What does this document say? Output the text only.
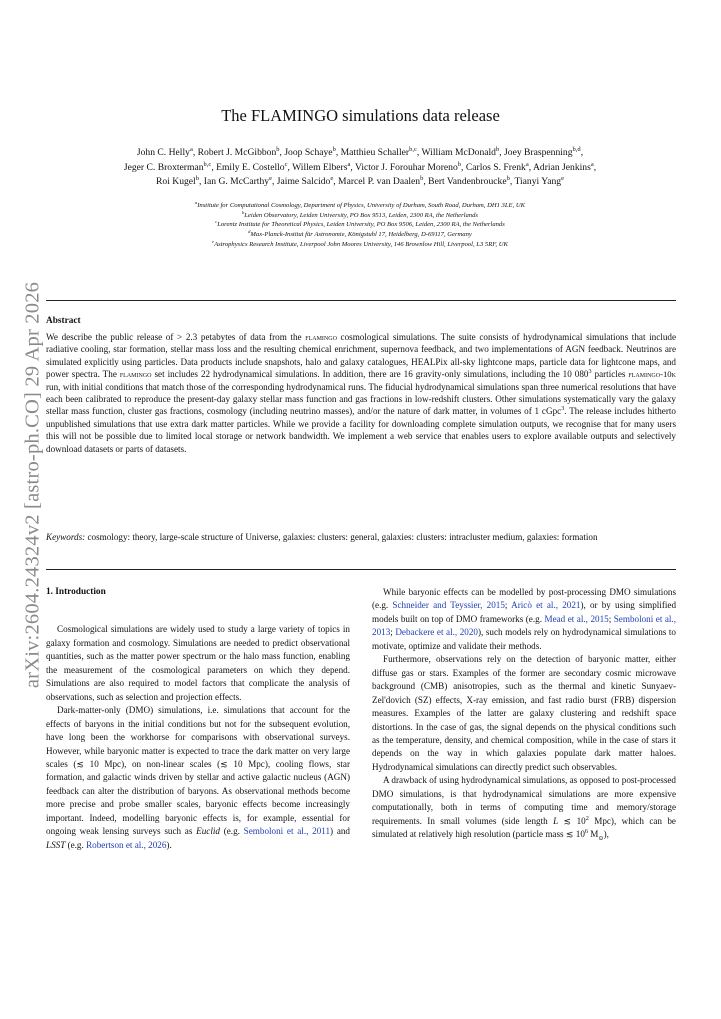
arXiv:2604.24324v2 [astro-ph.CO] 29 Apr 2026
The FLAMINGO simulations data release
John C. Helly$^a$, Robert J. McGibbon$^b$, Joop Schaye$^b$, Matthieu Schaller$^{b,c}$, William McDonald$^b$, Joey Braspenning$^{b,d}$,
Jeger C. Broxterman$^{b,c}$, Emily E. Costello$^c$, Willem Elbers$^a$, Victor J. Forouhar Moreno$^b$, Carlos S. Frenk$^a$, Adrian Jenkins$^a$,
Roi Kugel$^b$, Ian G. McCarthy$^e$, Jaime Salcido$^e$, Marcel P. van Daalen$^b$, Bert Vandenbroucke$^b$, Tianyi Yang$^e$
$^a$Institute for Computational Cosmology, Department of Physics, University of Durham, South Road, Durham, DH1 3LE, UK
$^b$Leiden Observatory, Leiden University, PO Box 9513, Leiden, 2300 RA, the Netherlands
$^c$Lorentz Institute for Theoretical Physics, Leiden University, PO Box 9506, Leiden, 2300 RA, the Netherlands
$^d$Max-Planck-Institut für Astronomie, Königstuhl 17, Heidelberg, D-69117, Germany
$^e$Astrophysics Research Institute, Liverpool John Moores University, 146 Brownlow Hill, Liverpool, L3 5RF, UK
Abstract
We describe the public release of > 2.3 petabytes of data from the flamingo cosmological simulations. The suite consists of hydrodynamical simulations that include radiative cooling, star formation, stellar mass loss and the resulting chemical enrichment, supernova feedback, and two implementations of AGN feedback. Neutrinos are simulated explicitly using particles. Data products include snapshots, halo and galaxy catalogues, HEALPix all-sky lightcone maps, particle data for lightcone maps, and power spectra. The flamingo set includes 22 hydrodynamical simulations. In addition, there are 16 gravity-only simulations, including the 10 $080^3$ particles flamingo-10k run, with initial conditions that match those of the corresponding hydrodynamical runs. The fiducial hydrodynamical simulations span three numerical resolutions that have each been calibrated to reproduce the present-day galaxy stellar mass function and gas fractions in low-redshift clusters. Other simulations systematically vary the galaxy stellar mass function, cluster gas fractions, cosmology (including neutrino masses), and/or the nature of dark matter, in volumes of 1 cGpc$^3$. The release includes hitherto unpublished simulations that use extra dark matter particles. While we provide a facility for downloading complete simulation outputs, we recognise that for many users this will not be possible due to limited local storage or network bandwidth. We implement a web service that enables users to explore available outputs and selectively download datasets or parts of datasets.
Keywords: cosmology: theory, large-scale structure of Universe, galaxies: clusters: general, galaxies: clusters: intracluster medium, galaxies: formation
1. Introduction

Cosmological simulations are widely used to study a large variety of topics in galaxy formation and cosmology. Simulations are needed to predict observational quantities, such as the matter power spectrum or the halo mass function, enabling the measurement of the cosmological parameters on which they depend. Simulations are also required to model factors that complicate the analysis of observations, such as selection and projection effects.

Dark-matter-only (DMO) simulations, i.e. simulations that account for the effects of baryons in the initial conditions but not for the subsequent evolution, have long been the workhorse for comparisons with observational surveys. However, while baryonic matter is expected to trace the dark matter on very large scales (≲ 10 Mpc), on non-linear scales (≲ 10 Mpc), cooling flows, star formation, and galactic winds driven by stellar and active galactic nucleus (AGN) feedback can alter the distribution of baryons. As observational methods become more precise and probe smaller scales, baryonic effects become increasingly important. Indeed, modelling baryonic effects is, for example, essential for ongoing weak lensing surveys such as Euclid (e.g. Semboloni et al., 2011) and LSST (e.g. Robertson et al., 2026).

While baryonic effects can be modelled by post-processing DMO simulations (e.g. Schneider and Teyssier, 2015; Aricò et al., 2021), or by using simplified models built on top of DMO frameworks (e.g. Mead et al., 2015; Semboloni et al., 2013; Debackere et al., 2020), such models rely on hydrodynamical simulations to motivate, optimize and validate their methods.

Furthermore, observations rely on the detection of baryonic matter, either diffuse gas or stars. Examples of the former are secondary cosmic microwave background (CMB) anisotropies, such as the thermal and kinetic Sunyaev-Zel'dovich (SZ) effects, X-ray emission, and fast radio burst (FRB) dispersion measures. Examples of the latter are galaxy clustering and redshift space distortions. In the case of gas, the signal depends on the physical conditions such as the temperature, density, and chemical composition, while in the case of stars it depends on the way in which galaxies populate dark matter haloes. Hydrodynamical simulations can directly predict such observables.

A drawback of using hydrodynamical simulations, as opposed to post-processed DMO simulations, is that hydrodynamical simulations are more expensive computationally, both in terms of computing time and memory/storage requirements. In small volumes (side length L ≲ $10^2$ Mpc), which can be simulated at relatively high resolution (particle mass ≲ $10^6$ $M_⊙$),
